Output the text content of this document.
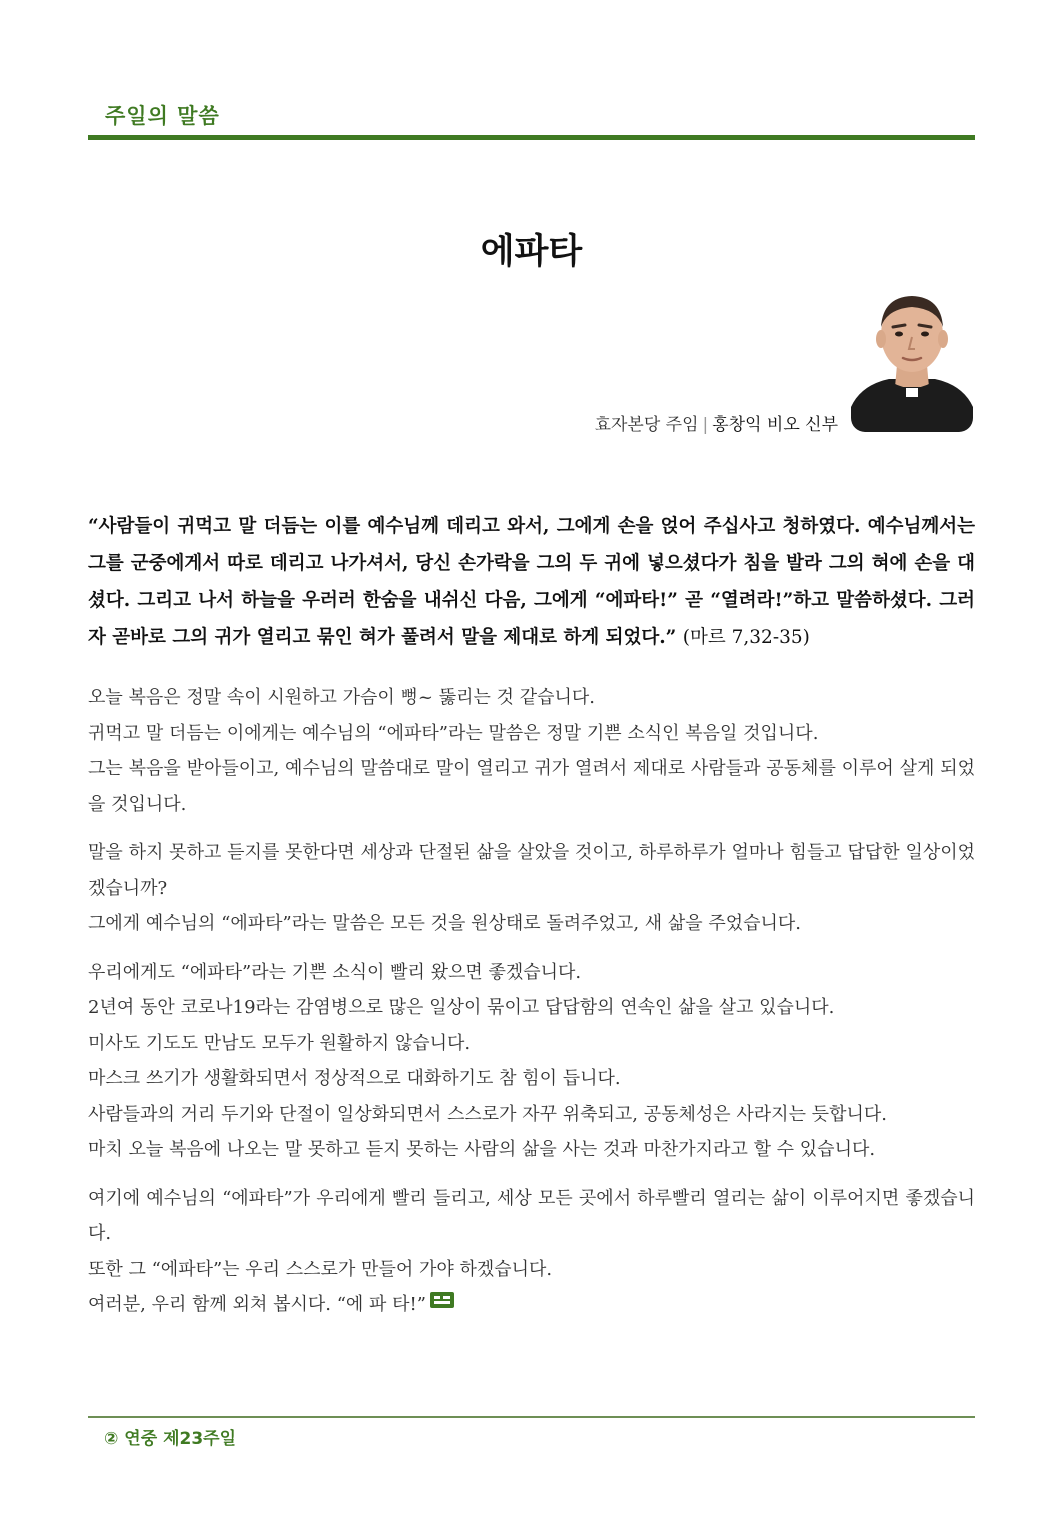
주일의 말씀
에파타
효자본당 주임 | 홍창익 비오 신부
“사람들이 귀먹고 말 더듬는 이를 예수님께 데리고 와서, 그에게 손을 얹어 주십사고 청하였다. 예수님께서는 그를 군중에게서 따로 데리고 나가셔서, 당신 손가락을 그의 두 귀에 넣으셨다가 침을 발라 그의 혀에 손을 대셨다. 그리고 나서 하늘을 우러러 한숨을 내쉬신 다음, 그에게 “에파타!” 곧 “열려라!”하고 말씀하셨다. 그러자 곧바로 그의 귀가 열리고 묶인 혀가 풀려서 말을 제대로 하게 되었다.” (마르 7,32-35)

오늘 복음은 정말 속이 시원하고 가슴이 뻥~ 뚫리는 것 같습니다.
귀먹고 말 더듬는 이에게는 예수님의 “에파타”라는 말씀은 정말 기쁜 소식인 복음일 것입니다.
그는 복음을 받아들이고, 예수님의 말씀대로 말이 열리고 귀가 열려서 제대로 사람들과 공동체를 이루어 살게 되었을 것입니다.

말을 하지 못하고 듣지를 못한다면 세상과 단절된 삶을 살았을 것이고, 하루하루가 얼마나 힘들고 답답한 일상이었겠습니까?
그에게 예수님의 “에파타”라는 말씀은 모든 것을 원상태로 돌려주었고, 새 삶을 주었습니다.

우리에게도 “에파타”라는 기쁜 소식이 빨리 왔으면 좋겠습니다.
2년여 동안 코로나19라는 감염병으로 많은 일상이 묶이고 답답함의 연속인 삶을 살고 있습니다.
미사도 기도도 만남도 모두가 원활하지 않습니다.
마스크 쓰기가 생활화되면서 정상적으로 대화하기도 참 힘이 듭니다.
사람들과의 거리 두기와 단절이 일상화되면서 스스로가 자꾸 위축되고, 공동체성은 사라지는 듯합니다.
마치 오늘 복음에 나오는 말 못하고 듣지 못하는 사람의 삶을 사는 것과 마찬가지라고 할 수 있습니다.

여기에 예수님의 “에파타”가 우리에게 빨리 들리고, 세상 모든 곳에서 하루빨리 열리는 삶이 이루어지면 좋겠습니다.
또한 그 “에파타”는 우리 스스로가 만들어 가야 하겠습니다.
여러분, 우리 함께 외쳐 봅시다. “에 파 타!”

② 연중 제23주일
